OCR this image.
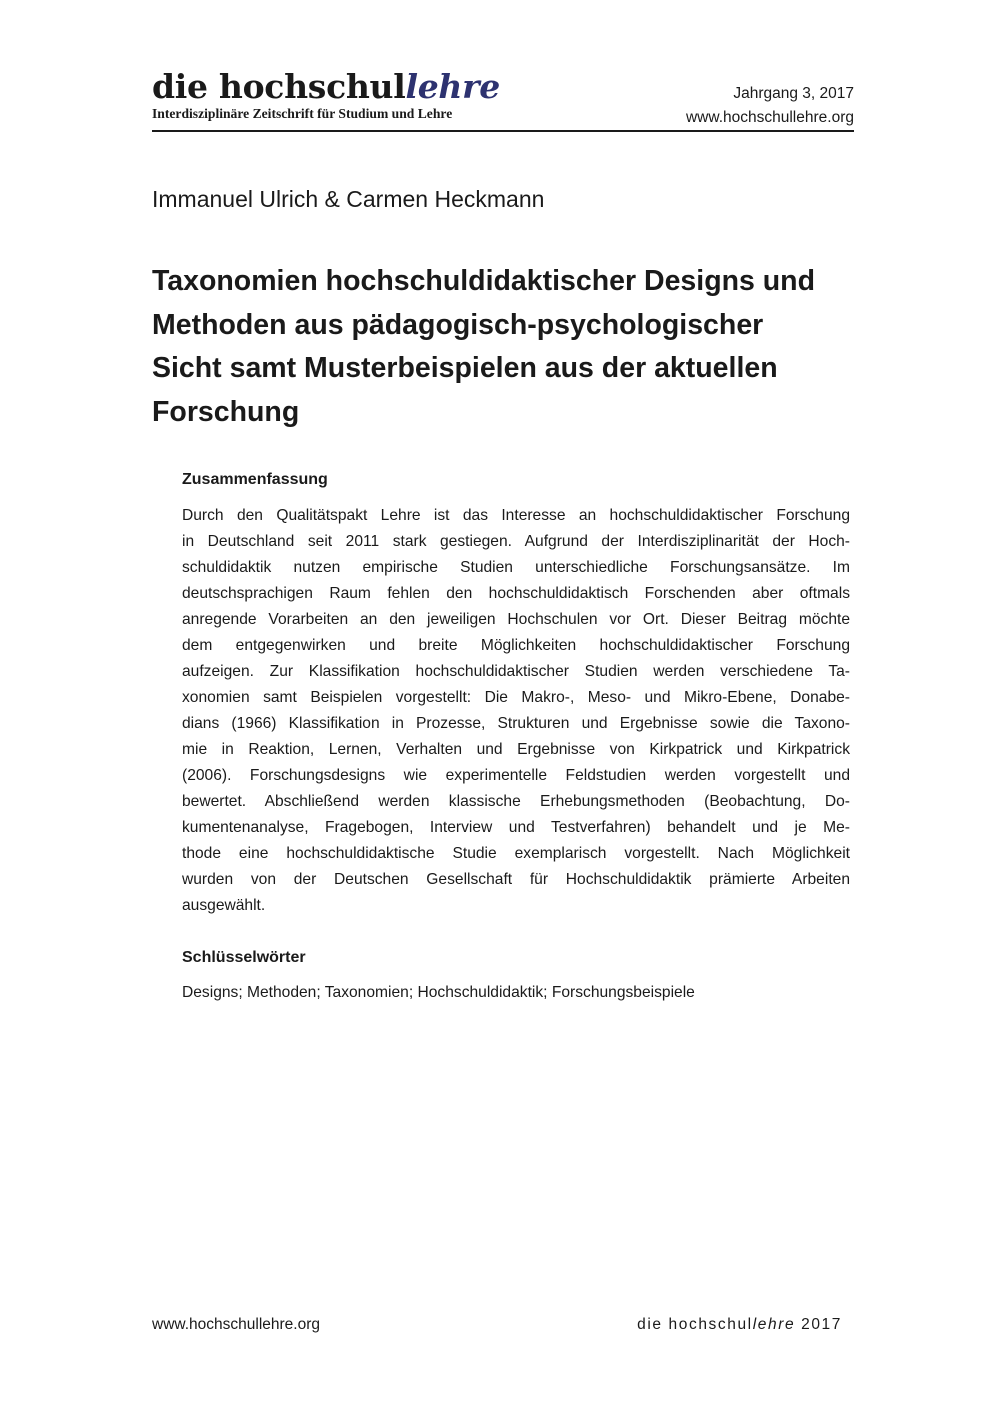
die hochschullehre
Interdisziplinäre Zeitschrift für Studium und Lehre
Jahrgang 3, 2017
www.hochschullehre.org
Immanuel Ulrich & Carmen Heckmann
Taxonomien hochschuldidaktischer Designs und
Methoden aus pädagogisch-psychologischer
Sicht samt Musterbeispielen aus der aktuellen
Forschung
Zusammenfassung
Durch den Qualitätspakt Lehre ist das Interesse an hochschuldidaktischer Forschung
in Deutschland seit 2011 stark gestiegen. Aufgrund der Interdisziplinarität der Hoch-
schuldidaktik nutzen empirische Studien unterschiedliche Forschungsansätze. Im
deutschsprachigen Raum fehlen den hochschuldidaktisch Forschenden aber oftmals
anregende Vorarbeiten an den jeweiligen Hochschulen vor Ort. Dieser Beitrag möchte
dem entgegenwirken und breite Möglichkeiten hochschuldidaktischer Forschung
aufzeigen. Zur Klassifikation hochschuldidaktischer Studien werden verschiedene Ta-
xonomien samt Beispielen vorgestellt: Die Makro-, Meso- und Mikro-Ebene, Donabe-
dians (1966) Klassifikation in Prozesse, Strukturen und Ergebnisse sowie die Taxono-
mie in Reaktion, Lernen, Verhalten und Ergebnisse von Kirkpatrick und Kirkpatrick
(2006). Forschungsdesigns wie experimentelle Feldstudien werden vorgestellt und
bewertet. Abschließend werden klassische Erhebungsmethoden (Beobachtung, Do-
kumentenanalyse, Fragebogen, Interview und Testverfahren) behandelt und je Me-
thode eine hochschuldidaktische Studie exemplarisch vorgestellt. Nach Möglichkeit
wurden von der Deutschen Gesellschaft für Hochschuldidaktik prämierte Arbeiten
ausgewählt.
Schlüsselwörter
Designs; Methoden; Taxonomien; Hochschuldidaktik; Forschungsbeispiele
www.hochschullehre.org	die hochschullehre 2017
